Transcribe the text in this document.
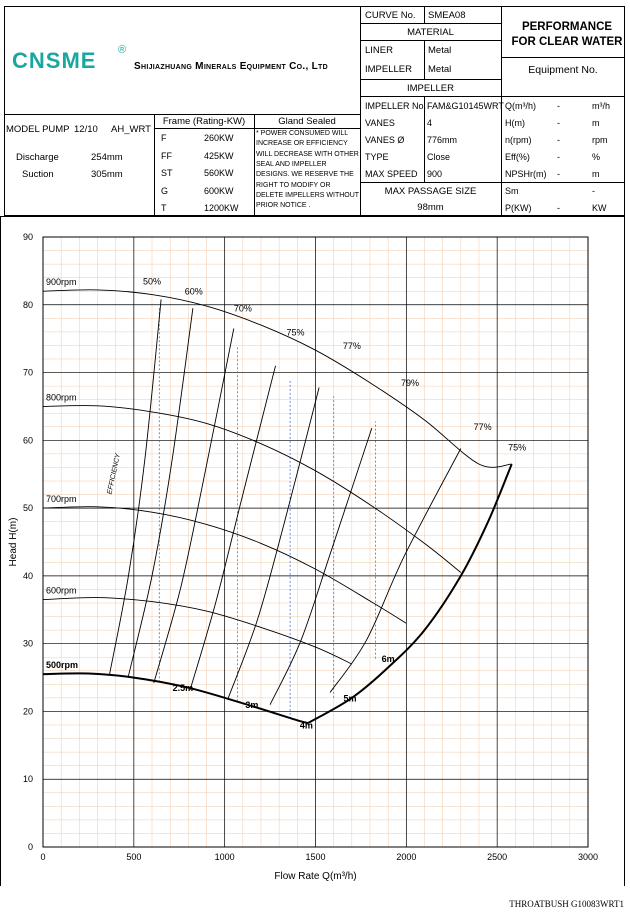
CNSME ®
Shijiazhuang Minerals Equipment Co., Ltd
CURVE No. SMEA08
MATERIAL
LINER	Metal
IMPELLER Metal
IMPELLER
IMPELLER No. FAM&G10145WRT
VANES	4
VANES Ø	776mm
TYPE	Close
MAX SPEED 900
MAX PASSAGE SIZE
98mm
PERFORMANCE
FOR CLEAR WATER
Equipment No.
Q(m³/h) -	m³/h
H(m)	-	m
n(rpm)	-	rpm
Eff(%)	-	%
NPSHr(m) -	m
Sm	-
P(KW)	-	KW
MODEL PUMP 12/10 AH_WRT
Discharge	254mm
Suction	305mm
Frame (Rating-KW)
F	260KW
FF	425KW
ST	560KW
G	600KW
T	1200KW
Gland Sealed
* POWER CONSUMED WILL
INCREASE OR EFFICIENCY
WILL DECREASE WITH OTHER
SEAL AND IMPELLER
DESIGNS. WE RESERVE THE
RIGHT TO MODIFY OR
DELETE IMPELLERS WITHOUT
PRIOR NOTICE .
0	500	1000	1500	2000	2500	3000
0
10
20
30
40
50
60
70
80
90
900rpm
800rpm
700rpm
600rpm
500rpm
EFFICIENCY
50%
60%
70%
75%
77%
79%
77%
75%
2.5m
3m
4m
5m
6m
Flow Rate Q(m³/h)
Head H(m)
THROATBUSH G10083WRT1
